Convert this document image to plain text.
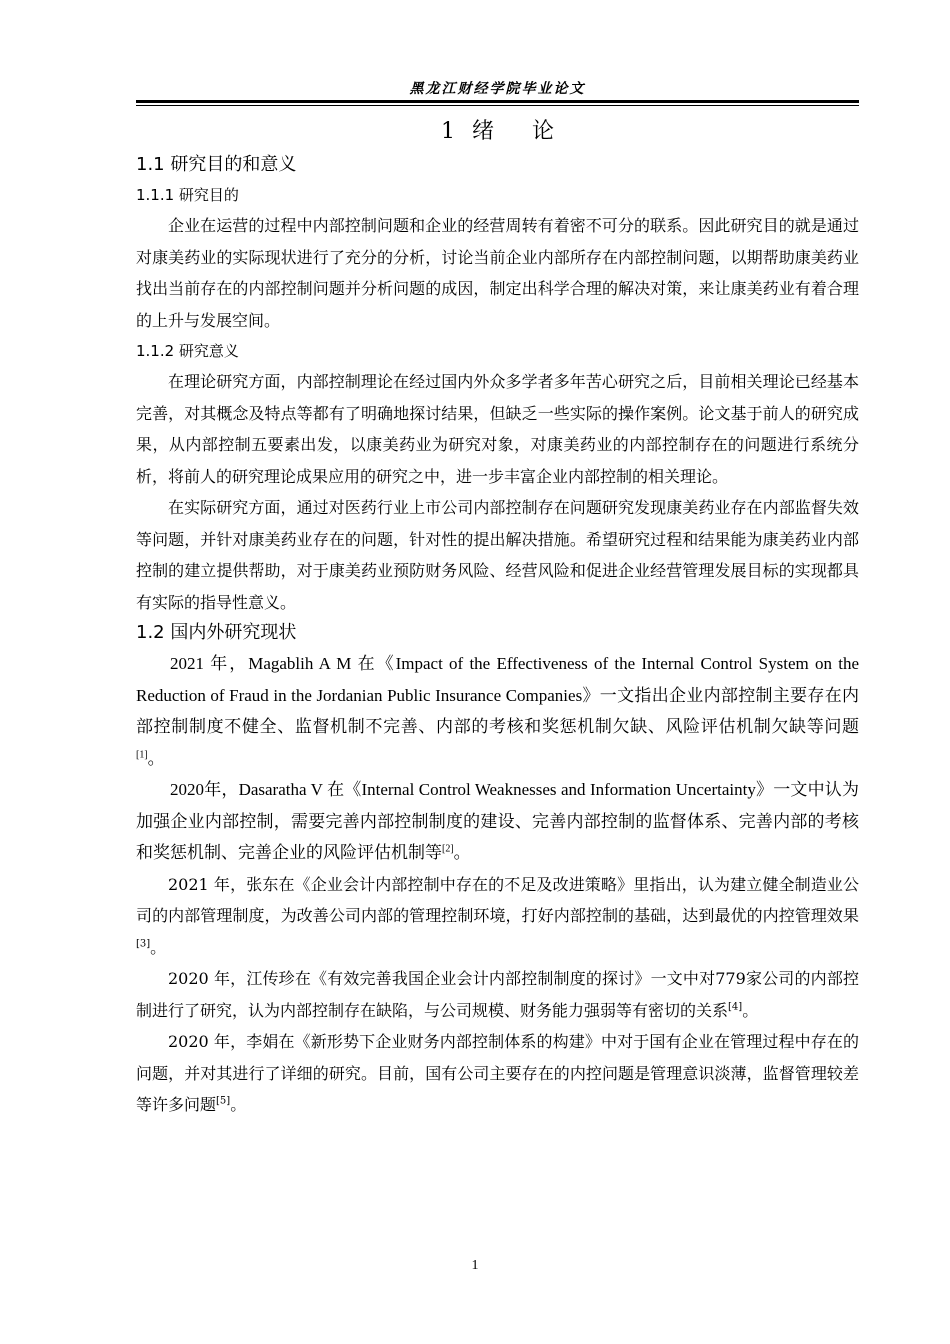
黑龙江财经学院毕业论文
1 绪 论
1.1 研究目的和意义
1.1.1 研究目的

企业在运营的过程中内部控制问题和企业的经营周转有着密不可分的联系。因此研究目的就是通过对康美药业的实际现状进行了充分的分析，讨论当前企业内部所存在内部控制问题，以期帮助康美药业找出当前存在的内部控制问题并分析问题的成因，制定出科学合理的解决对策，来让康美药业有着合理的上升与发展空间。

1.1.2 研究意义

在理论研究方面，内部控制理论在经过国内外众多学者多年苦心研究之后，目前相关理论已经基本完善，对其概念及特点等都有了明确地探讨结果，但缺乏一些实际的操作案例。论文基于前人的研究成果，从内部控制五要素出发，以康美药业为研究对象，对康美药业的内部控制存在的问题进行系统分析，将前人的研究理论成果应用的研究之中，进一步丰富企业内部控制的相关理论。

在实际研究方面，通过对医药行业上市公司内部控制存在问题研究发现康美药业存在内部监督失效等问题，并针对康美药业存在的问题，针对性的提出解决措施。希望研究过程和结果能为康美药业内部控制的建立提供帮助，对于康美药业预防财务风险、经营风险和促进企业经营管理发展目标的实现都具有实际的指导性意义。

1.2 国内外研究现状

2021 年，Magablih A M 在《Impact of the Effectiveness of the Internal Control System on the Reduction of Fraud in the Jordanian Public Insurance Companies》一文指出企业内部控制主要存在内部控制制度不健全、监督机制不完善、内部的考核和奖惩机制欠缺、风险评估机制欠缺等问题[1]。

2020年，Dasaratha V 在《Internal Control Weaknesses and Information Uncertainty》一文中认为加强企业内部控制，需要完善内部控制制度的建设、完善内部控制的监督体系、完善内部的考核和奖惩机制、完善企业的风险评估机制等[2]。

2021 年，张东在《企业会计内部控制中存在的不足及改进策略》里指出，认为建立健全制造业公司的内部管理制度，为改善公司内部的管理控制环境，打好内部控制的基础，达到最优的内控管理效果[3]。

2020 年，江传珍在《有效完善我国企业会计内部控制制度的探讨》一文中对779家公司的内部控制进行了研究，认为内部控制存在缺陷，与公司规模、财务能力强弱等有密切的关系[4]。

2020 年，李娟在《新形势下企业财务内部控制体系的构建》中对于国有企业在管理过程中存在的问题，并对其进行了详细的研究。目前，国有公司主要存在的内控问题是管理意识淡薄，监督管理较差等许多问题[5]。

1
